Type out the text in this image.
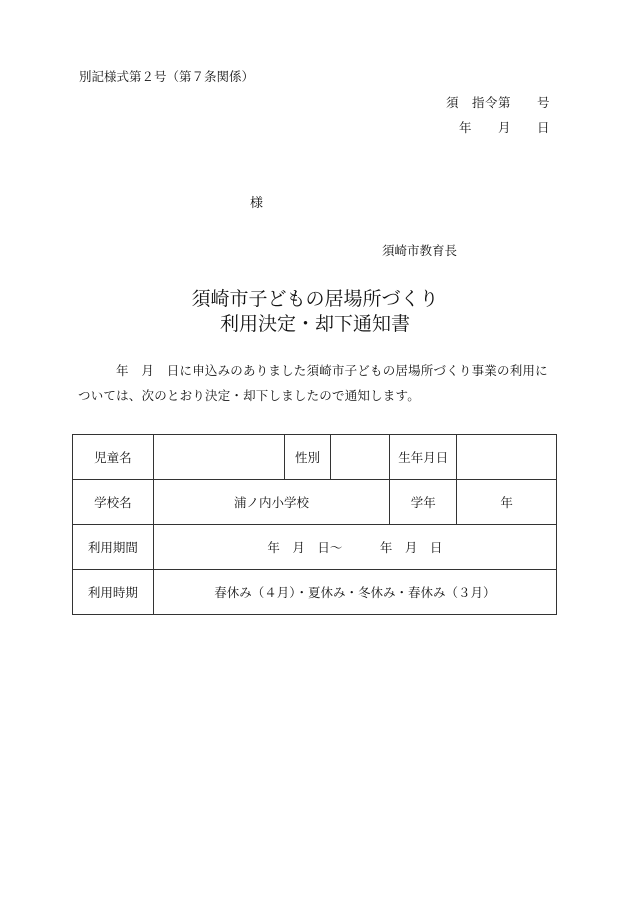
別記様式第２号（第７条関係）
須　指令第　　号
年　　月　　日
様
須崎市教育長
須崎市子どもの居場所づくり
利用決定・却下通知書
年　月　日に申込みのありました須崎市子どもの居場所づくり事業の利用については、次のとおり決定・却下しましたので通知します。
児童名		性別		生年月日	
学校名	浦ノ内小学校			学年	年
利用期間	年　月　日～　　　年　月　日				
利用時期	春休み（４月）・夏休み・冬休み・春休み（３月）				
